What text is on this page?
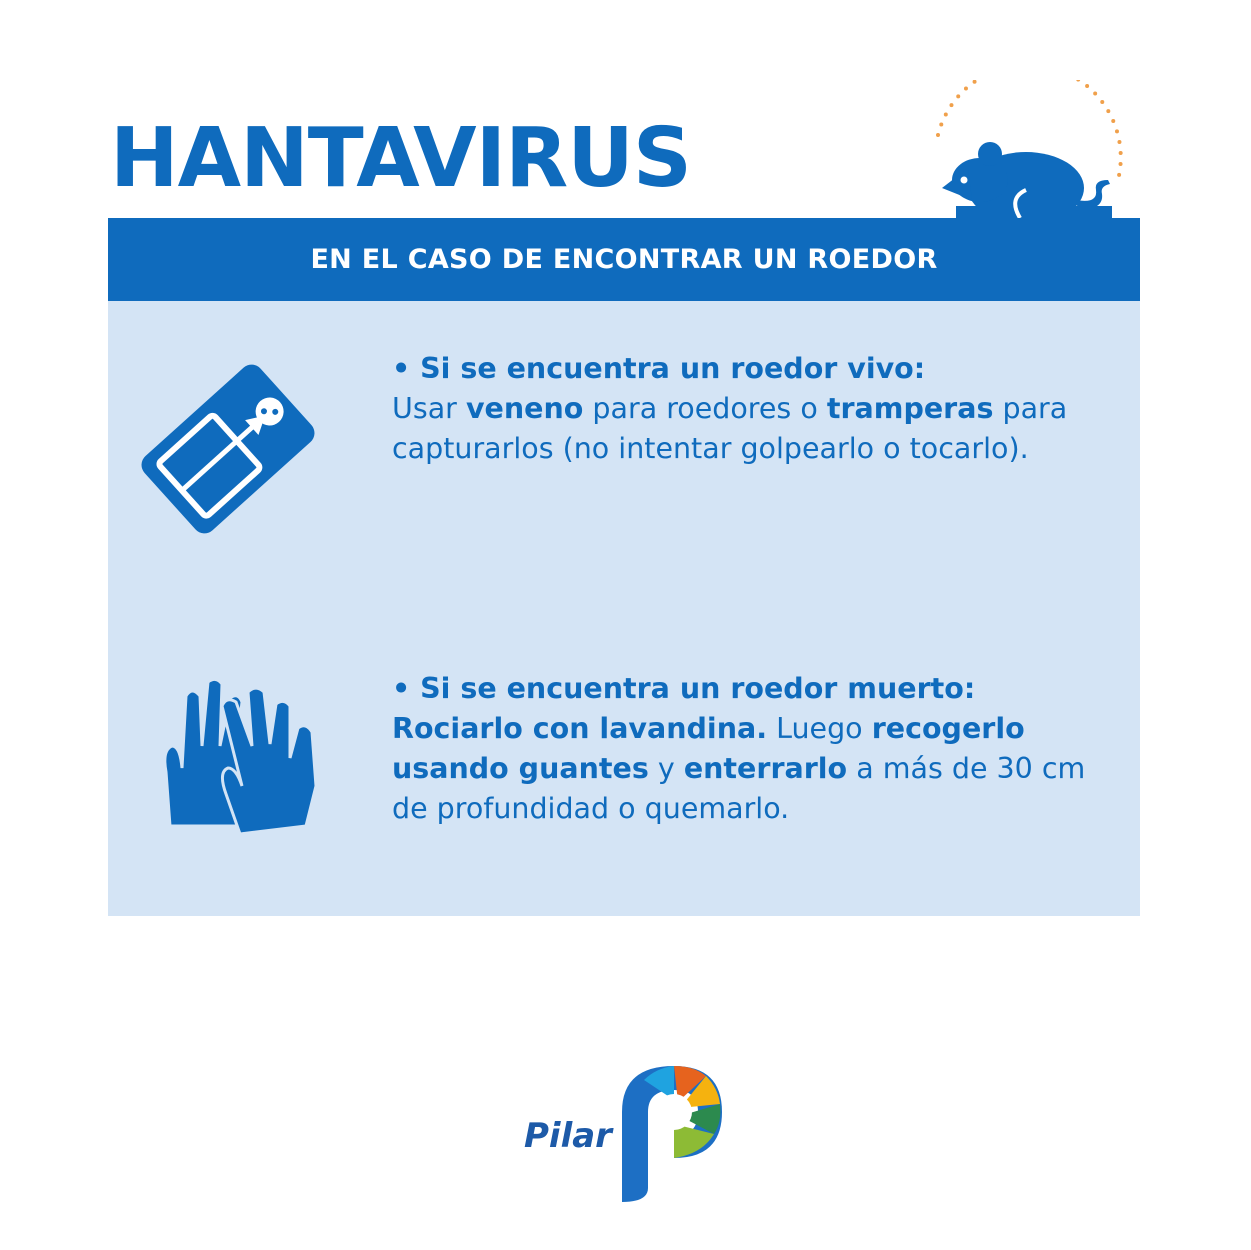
HANTAVIRUS
EN EL CASO DE ENCONTRAR UN ROEDOR
• Si se encuentra un roedor vivo:
Usar veneno para roedores o tramperas para capturarlos (no intentar golpearlo o tocarlo).
• Si se encuentra un roedor muerto:
Rociarlo con lavandina. Luego recogerlo usando guantes y enterrarlo a más de 30 cm de profundidad o quemarlo.
Pilar
